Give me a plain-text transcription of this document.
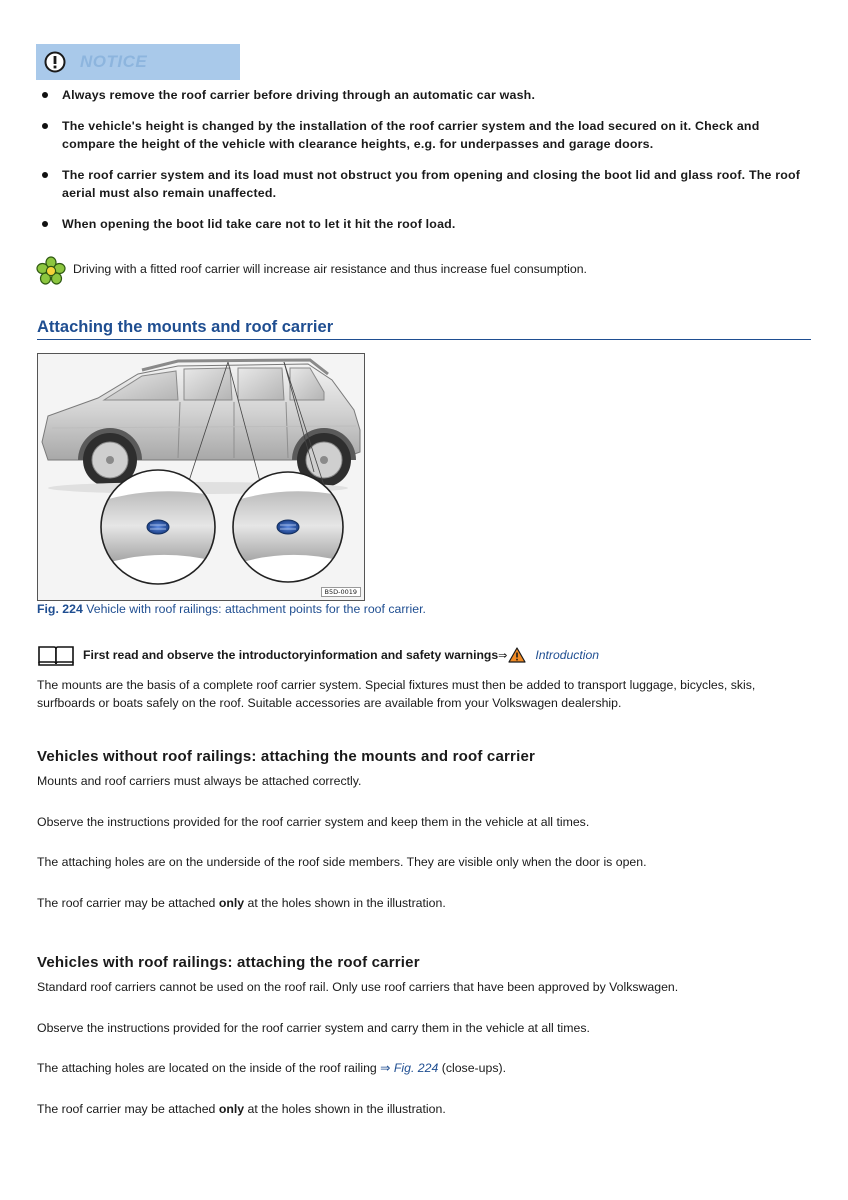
NOTICE
Always remove the roof carrier before driving through an automatic car wash.
The vehicle's height is changed by the installation of the roof carrier system and the load secured on it. Check and compare the height of the vehicle with clearance heights, e.g. for underpasses and garage doors.
The roof carrier system and its load must not obstruct you from opening and closing the boot lid and glass roof. The roof aerial must also remain unaffected.
When opening the boot lid take care not to let it hit the roof load.
Driving with a fitted roof carrier will increase air resistance and thus increase fuel consumption.
Attaching the mounts and roof carrier
B5D-0019
Fig. 224 Vehicle with roof railings: attachment points for the roof carrier.
First read and observe the introductoryinformation and safety warnings⇒ Introduction
The mounts are the basis of a complete roof carrier system. Special fixtures must then be added to transport luggage, bicycles, skis, surfboards or boats safely on the roof. Suitable accessories are available from your Volkswagen dealership.
Vehicles without roof railings: attaching the mounts and roof carrier
Mounts and roof carriers must always be attached correctly.
Observe the instructions provided for the roof carrier system and keep them in the vehicle at all times.
The attaching holes are on the underside of the roof side members. They are visible only when the door is open.
The roof carrier may be attached only at the holes shown in the illustration.
Vehicles with roof railings: attaching the roof carrier
Standard roof carriers cannot be used on the roof rail. Only use roof carriers that have been approved by Volkswagen.
Observe the instructions provided for the roof carrier system and carry them in the vehicle at all times.
The attaching holes are located on the inside of the roof railing ⇒ Fig. 224 (close-ups).
The roof carrier may be attached only at the holes shown in the illustration.
